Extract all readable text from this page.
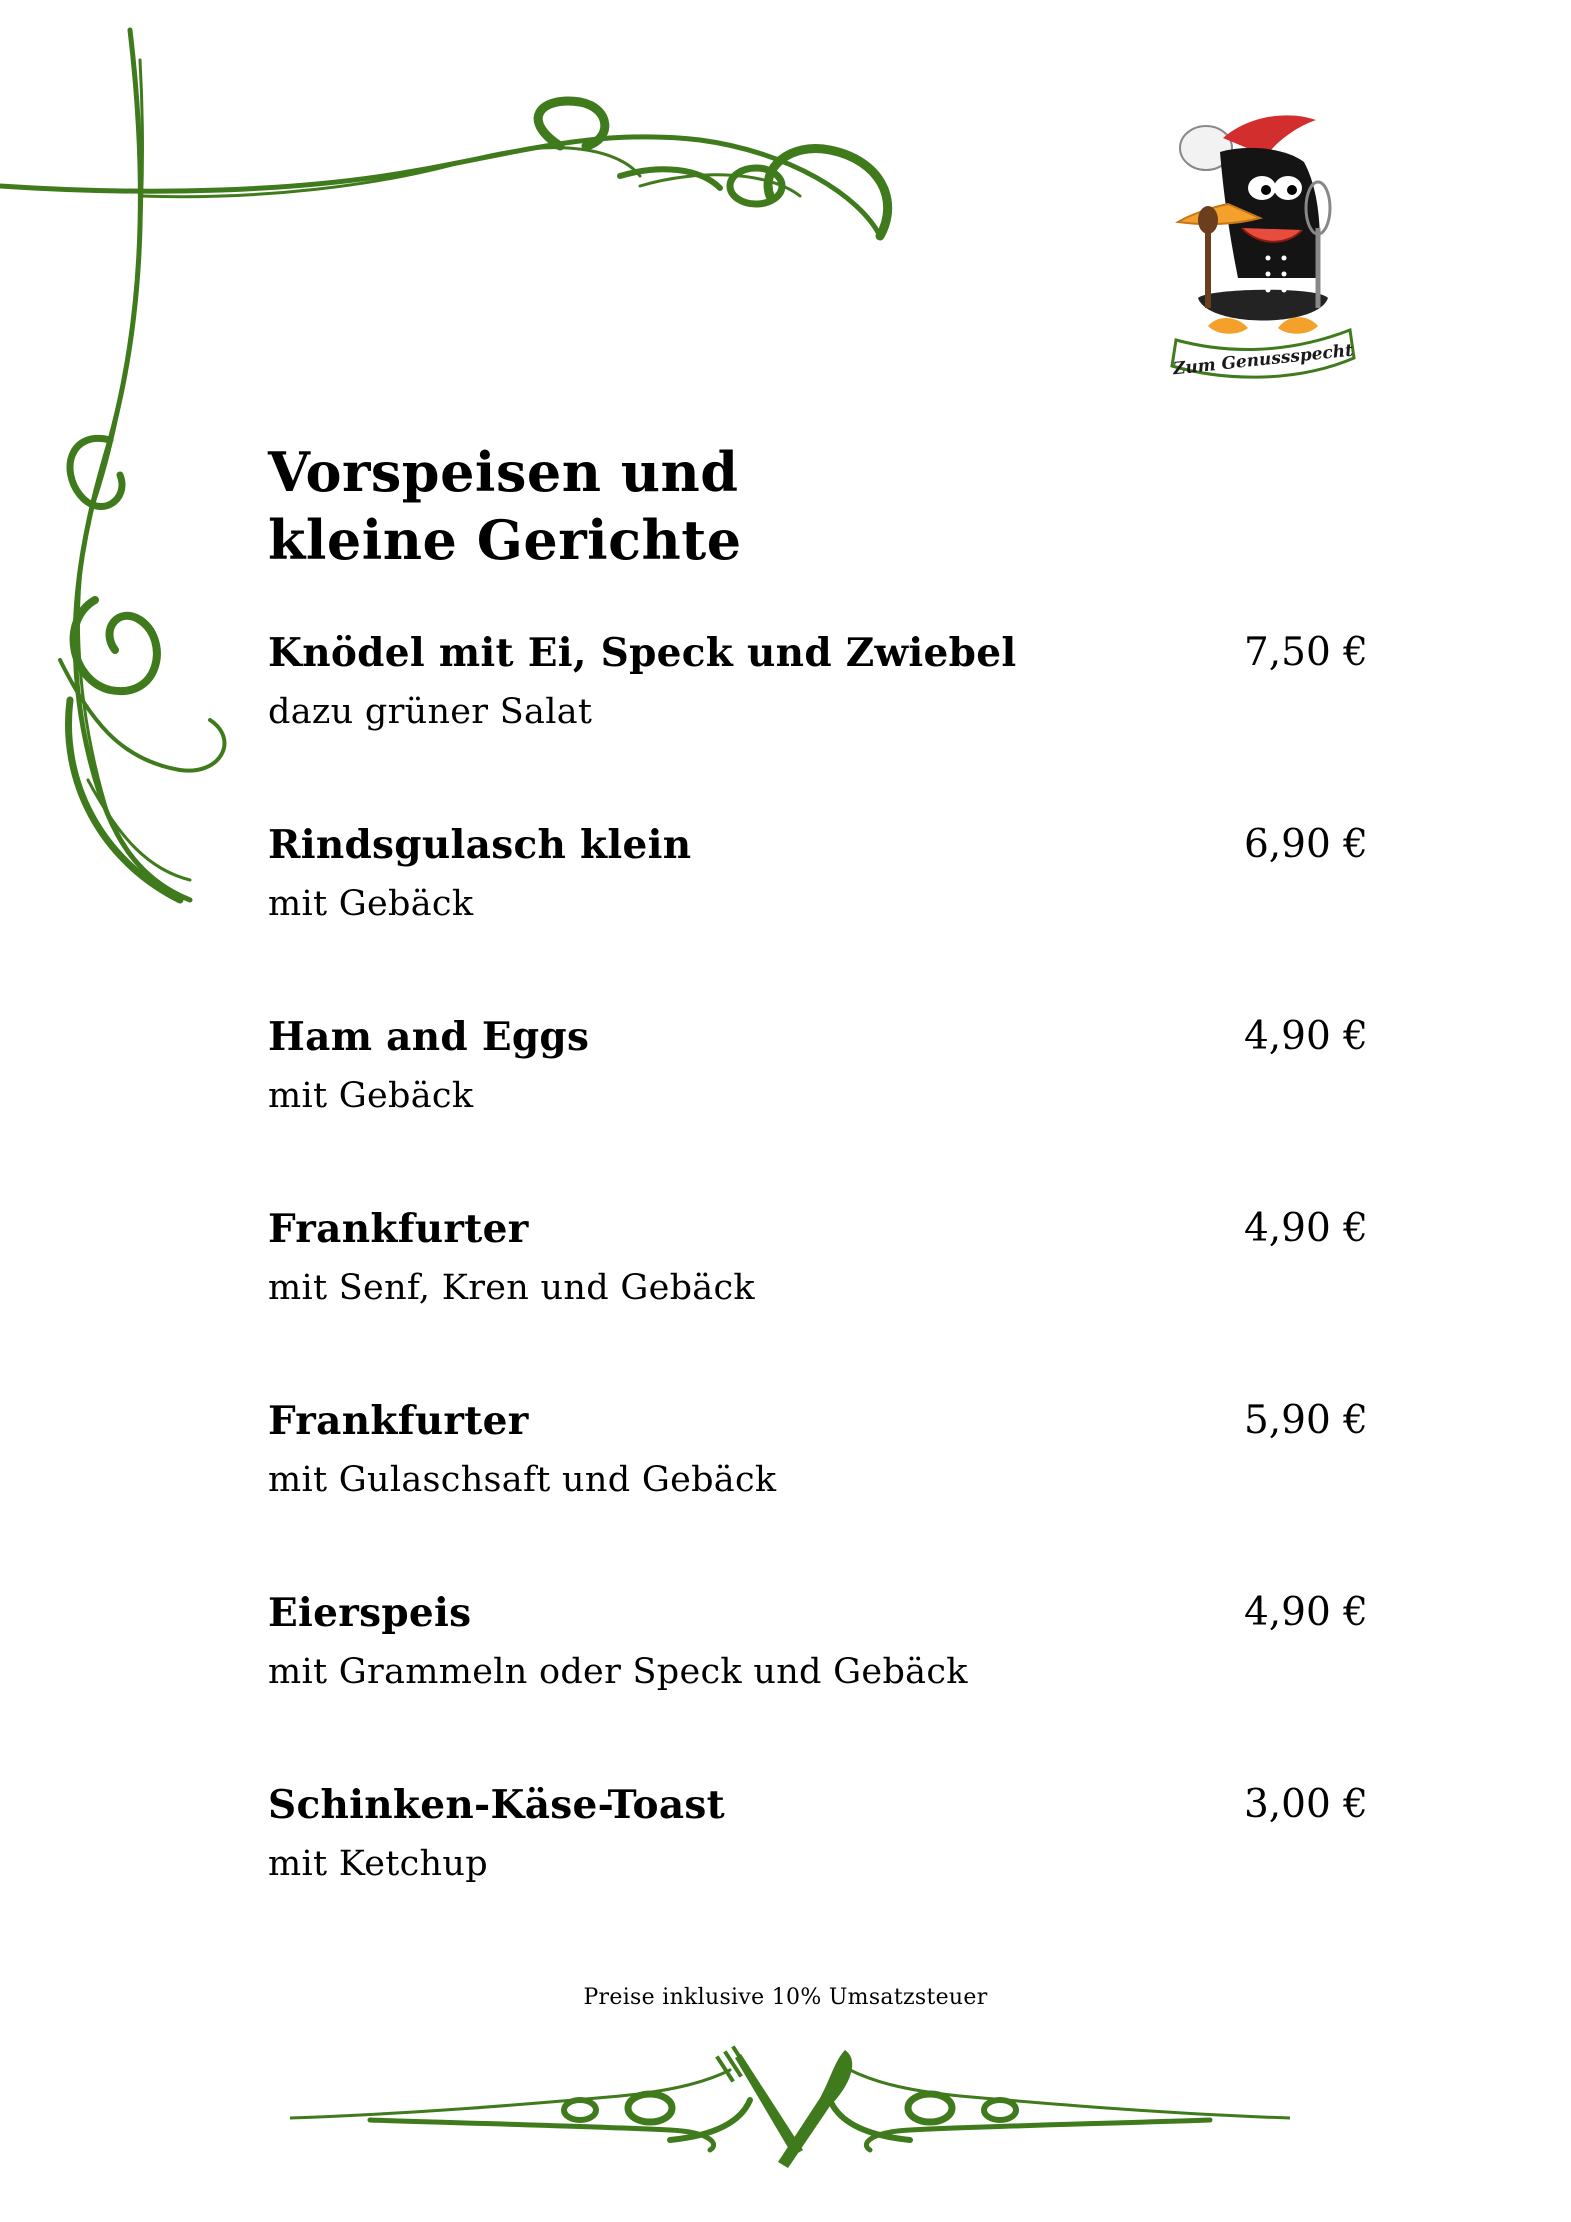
Zum Genussspecht
Vorspeisen und
kleine Gerichte
Knödel mit Ei, Speck und Zwiebel	7,50 €
dazu grüner Salat
Rindsgulasch klein	6,90 €
mit Gebäck
Ham and Eggs	4,90 €
mit Gebäck
Frankfurter	4,90 €
mit Senf, Kren und Gebäck
Frankfurter	5,90 €
mit Gulaschsaft und Gebäck
Eierspeis	4,90 €
mit Grammeln oder Speck und Gebäck
Schinken-Käse-Toast	3,00 €
mit Ketchup

Preise inklusive 10% Umsatzsteuer
